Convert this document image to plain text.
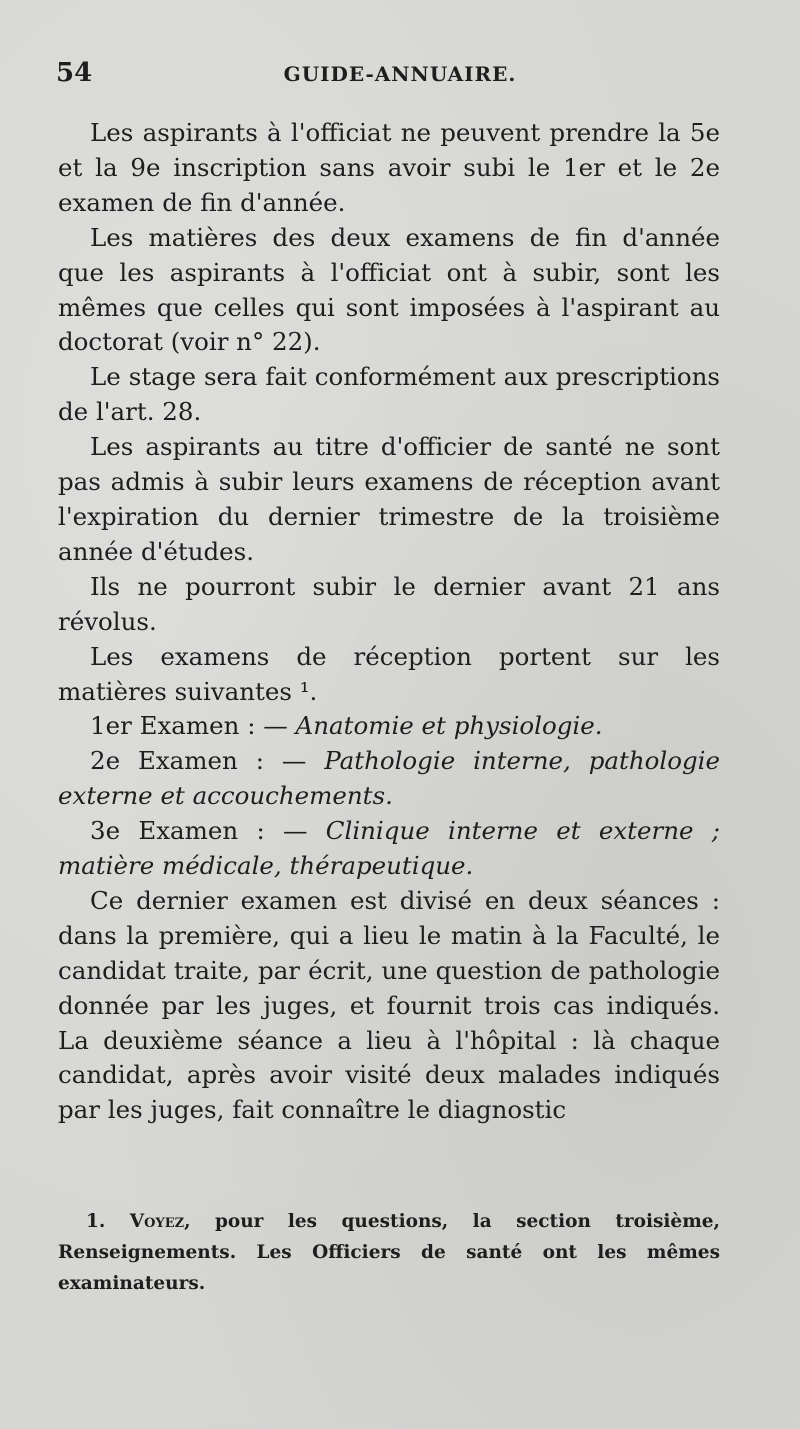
54	GUIDE-ANNUAIRE.

Les aspirants à l'officiat ne peuvent prendre la 5e et la 9e inscription sans avoir subi le 1er et le 2e examen de fin d'année.

Les matières des deux examens de fin d'année que les aspirants à l'officiat ont à subir, sont les mêmes que celles qui sont imposées à l'aspirant au doctorat (voir n° 22).

Le stage sera fait conformément aux prescriptions de l'art. 28.

Les aspirants au titre d'officier de santé ne sont pas admis à subir leurs examens de réception avant l'expiration du dernier trimestre de la troisième année d'études.

Ils ne pourront subir le dernier avant 21 ans révolus.

Les examens de réception portent sur les matières suivantes ¹.

1er Examen : — Anatomie et physiologie.

2e Examen : — Pathologie interne, pathologie externe et accouchements.

3e Examen : — Clinique interne et externe ; matière médicale, thérapeutique.

Ce dernier examen est divisé en deux séances : dans la première, qui a lieu le matin à la Faculté, le candidat traite, par écrit, une question de pathologie donnée par les juges, et fournit trois cas indiqués. La deuxième séance a lieu à l'hôpital : là chaque candidat, après avoir visité deux malades indiqués par les juges, fait connaître le diagnostic

1. Voyez, pour les questions, la section troisième, Renseignements. Les Officiers de santé ont les mêmes examinateurs.
